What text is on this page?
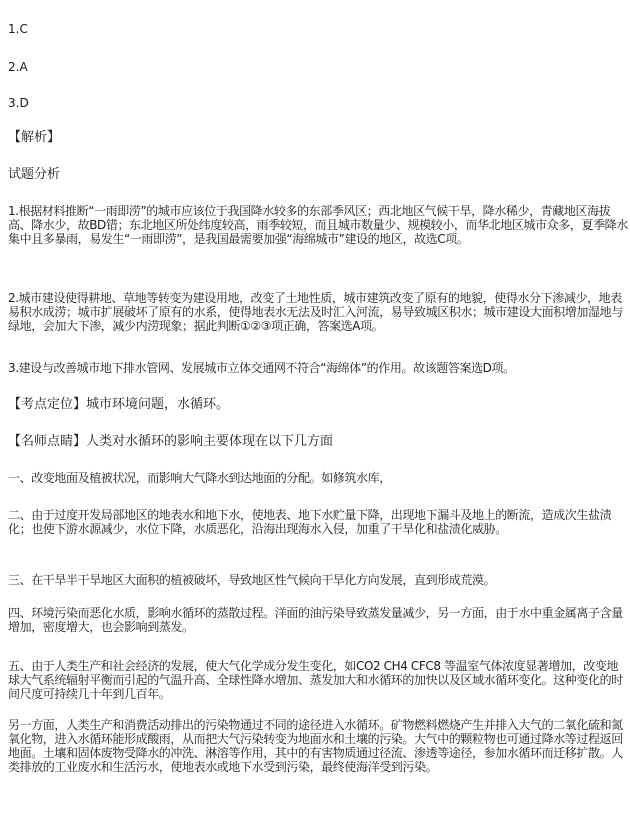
1.C
2.A
3.D
【解析】
试题分析
1.根据材料推断“一雨即涝”的城市应该位于我国降水较多的东部季风区；西北地区气候干旱，降水稀少，青藏地区海拔高、降水少，故BD错；东北地区所处纬度较高，雨季较短，而且城市数量少、规模较小，而华北地区城市众多，夏季降水集中且多暴雨，易发生“一雨即涝”，是我国最需要加强“海绵城市”建设的地区，故选C项。
2.城市建设使得耕地、草地等转变为建设用地，改变了土地性质，城市建筑改变了原有的地貌，使得水分下渗减少，地表易积水成涝；城市扩展破坏了原有的水系，使得地表水无法及时汇入河流，易导致城区积水；城市建设大面积增加湿地与绿地，会加大下渗，减少内涝现象；据此判断①②③项正确，答案选A项。
3.建设与改善城市地下排水管网、发展城市立体交通网不符合“海绵体”的作用。故该题答案选D项。
【考点定位】城市环境问题，水循环。
【名师点睛】人类对水循环的影响主要体现在以下几方面
一、改变地面及植被状况，而影响大气降水到达地面的分配。如修筑水库，
二、由于过度开发局部地区的地表水和地下水，使地表、地下水贮量下降，出现地下漏斗及地上的断流，造成次生盐渍化；也使下游水源减少，水位下降，水质恶化，沿海出现海水入侵，加重了干旱化和盐渍化威胁。
三、在干旱半干旱地区大面积的植被破坏，导致地区性气候向干旱化方向发展，直到形成荒漠。
四、环境污染而恶化水质，影响水循环的蒸散过程。洋面的油污染导致蒸发量减少，另一方面，由于水中重金属离子含量增加，密度增大，也会影响到蒸发。
五、由于人类生产和社会经济的发展，使大气化学成分发生变化，如CO2 CH4 CFC8 等温室气体浓度显著增加，改变地球大气系统辐射平衡而引起的气温升高、全球性降水增加、蒸发加大和水循环的加快以及区域水循环变化。这种变化的时间尺度可持续几十年到几百年。
另一方面，人类生产和消费活动排出的污染物通过不同的途径进入水循环。矿物燃料燃烧产生并排入大气的二氧化硫和氮氧化物，进入水循环能形成酸雨，从而把大气污染转变为地面水和土壤的污染。大气中的颗粒物也可通过降水等过程返回地面。土壤和固体废物受降水的冲洗、淋溶等作用，其中的有害物质通过径流、渗透等途径，参加水循环而迁移扩散。人类排放的工业废水和生活污水，使地表水或地下水受到污染，最终使海洋受到污染。
